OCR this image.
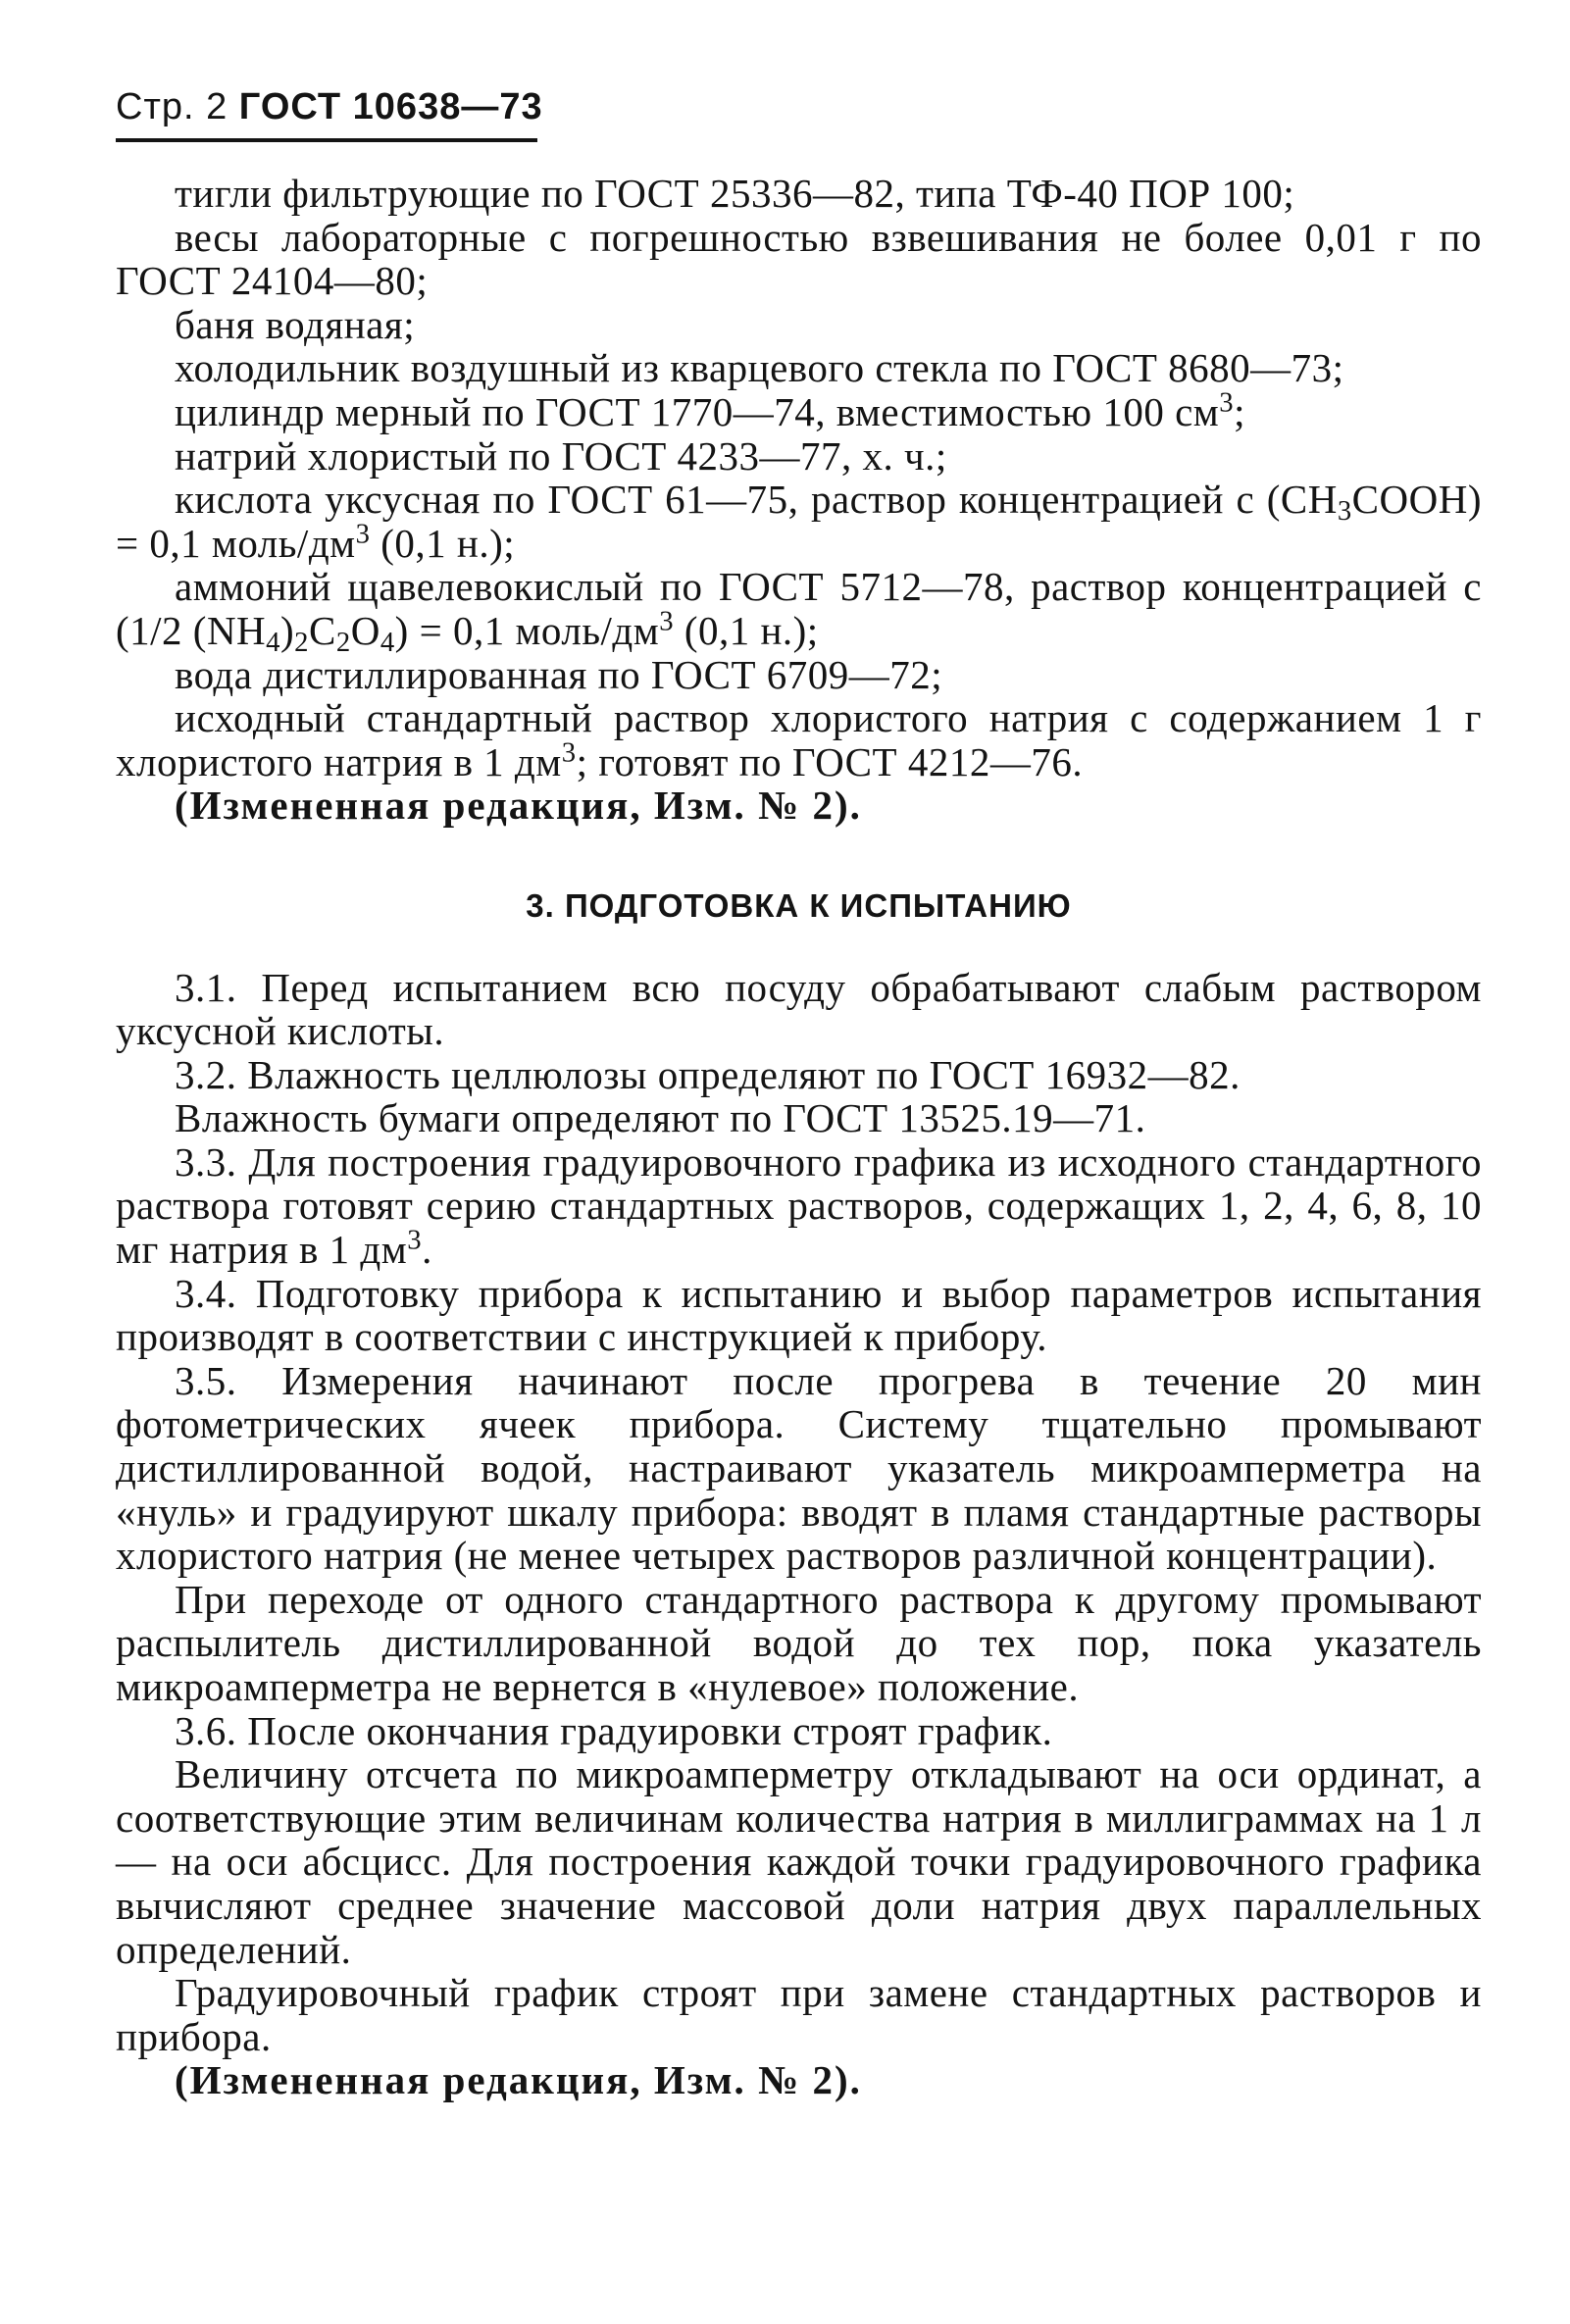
Стр. 2 ГОСТ 10638—73

тигли фильтрующие по ГОСТ 25336—82, типа ТФ-40 ПОР 100;

весы лабораторные с погрешностью взвешивания не более 0,01 г по ГОСТ 24104—80;

баня водяная;

холодильник воздушный из кварцевого стекла по ГОСТ 8680—73;

цилиндр мерный по ГОСТ 1770—74, вместимостью 100 $см^3$;

натрий хлористый по ГОСТ 4233—77, х. ч.;

кислота уксусная по ГОСТ 61—75, раствор концентрацией с $(CH_3COOH) = 0,1$ моль/$дм^3$ (0,1 н.);

аммоний щавелевокислый по ГОСТ 5712—78, раствор концентрацией с (1/2 $(NH_4)_2C_2O_4) = 0,1$ моль/$дм^3$ (0,1 н.);

вода дистиллированная по ГОСТ 6709—72;

исходный стандартный раствор хлористого натрия с содержанием 1 г хлористого натрия в 1 $дм^3$; готовят по ГОСТ 4212—76.

(Измененная редакция, Изм. № 2).

3. ПОДГОТОВКА К ИСПЫТАНИЮ

3.1. Перед испытанием всю посуду обрабатывают слабым раствором уксусной кислоты.

3.2. Влажность целлюлозы определяют по ГОСТ 16932—82.

Влажность бумаги определяют по ГОСТ 13525.19—71.

3.3. Для построения градуировочного графика из исходного стандартного раствора готовят серию стандартных растворов, содержащих 1, 2, 4, 6, 8, 10 мг натрия в 1 $дм^3$.

3.4. Подготовку прибора к испытанию и выбор параметров испытания производят в соответствии с инструкцией к прибору.

3.5. Измерения начинают после прогрева в течение 20 мин фотометрических ячеек прибора. Систему тщательно промывают дистиллированной водой, настраивают указатель микроамперметра на «нуль» и градуируют шкалу прибора: вводят в пламя стандартные растворы хлористого натрия (не менее четырех растворов различной концентрации).

При переходе от одного стандартного раствора к другому промывают распылитель дистиллированной водой до тех пор, пока указатель микроамперметра не вернется в «нулевое» положение.

3.6. После окончания градуировки строят график.

Величину отсчета по микроамперметру откладывают на оси ординат, а соответствующие этим величинам количества натрия в миллиграммах на 1 л — на оси абсцисс. Для построения каждой точки градуировочного графика вычисляют среднее значение массовой доли натрия двух параллельных определений.

Градуировочный график строят при замене стандартных растворов и прибора.

(Измененная редакция, Изм. № 2).
